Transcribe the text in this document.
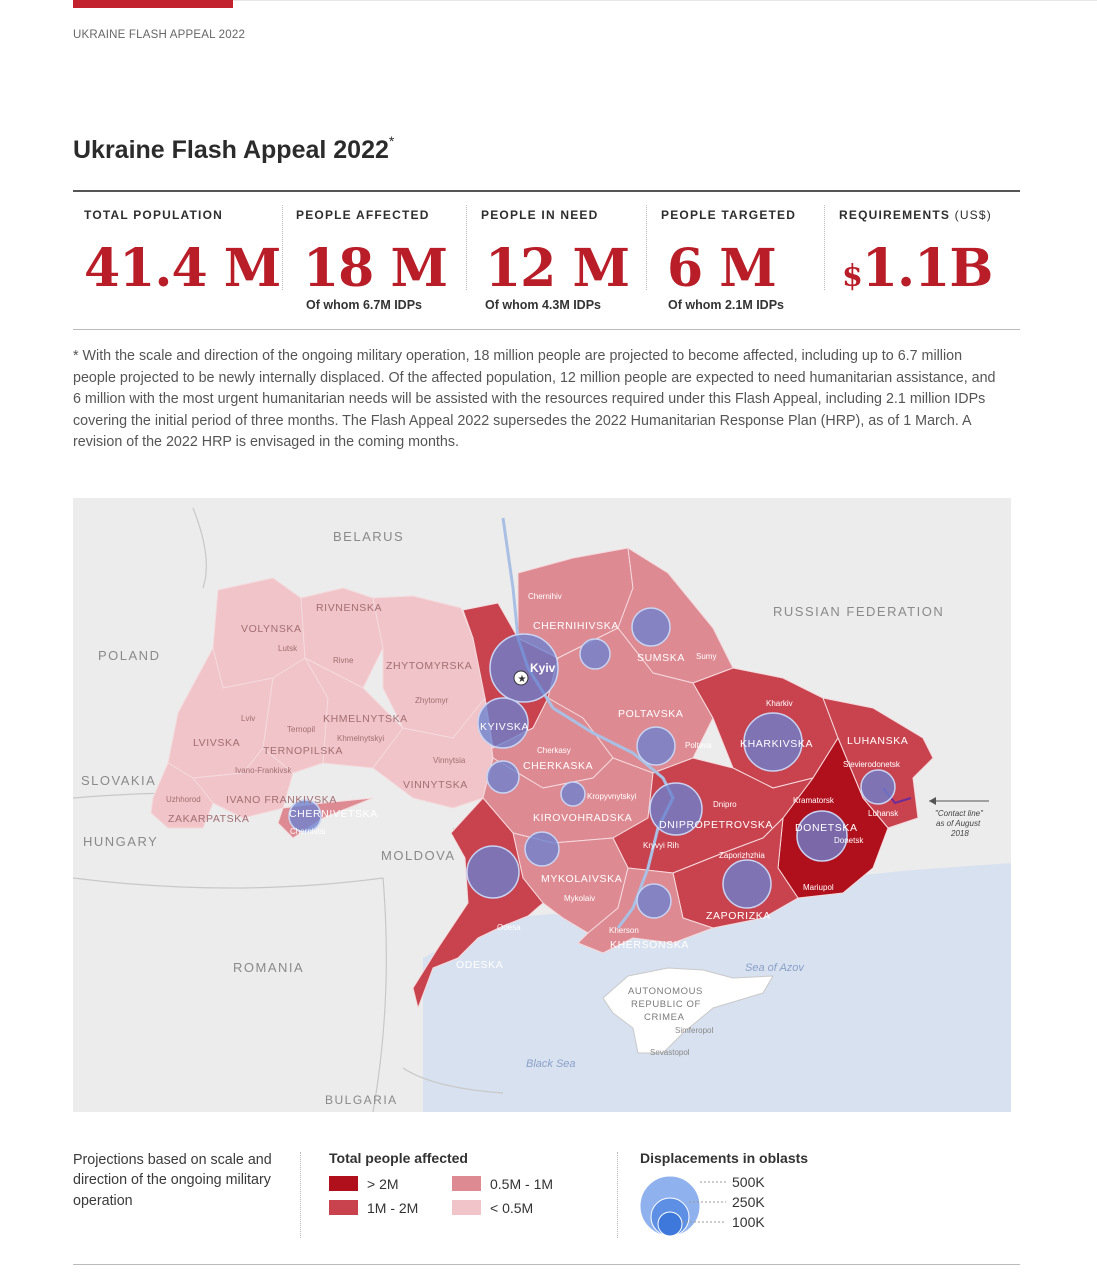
UKRAINE FLASH APPEAL 2022
Ukraine Flash Appeal 2022*
TOTAL POPULATION
41.4 M
PEOPLE AFFECTED
18 M
Of whom 6.7M IDPs
PEOPLE IN NEED
12 M
Of whom 4.3M IDPs
PEOPLE TARGETED
6 M
Of whom 2.1M IDPs
REQUIREMENTS (US$)
$1.1B
* With the scale and direction of the ongoing military operation, 18 million people are projected to become affected, including up to 6.7 million people projected to be newly internally displaced. Of the affected population, 12 million people are expected to need humanitarian assistance, and 6 million with the most urgent humanitarian needs will be assisted with the resources required under this Flash Appeal, including 2.1 million IDPs covering the initial period of three months. The Flash Appeal 2022 supersedes the 2022 Humanitarian Response Plan (HRP), as of 1 March. A revision of the 2022 HRP is envisaged in the coming months.
★
Kyiv
BELARUS
POLAND
SLOVAKIA
HUNGARY
ROMANIA
MOLDOVA
BULGARIA
RUSSIAN FEDERATION
Black Sea
Sea of Azov
VOLYNSKA
RIVNENSKA
ZHYTOMYRSKA
KYIVSKA
CHERNIHIVSKA
SUMSKA
KHARKIVSKA	LUHANSKA
DONETSKA
POLTAVSKA
CHERKASKA
KHMELNYTSKA
LVIVSKA
TERNOPILSKA
IVANO FRANKIVSKA
ZAKARPATSKA	CHERNIVETSKA
VINNYTSKA
KIROVOHRADSKA
DNIPROPETROVSKA
ZAPORIZKA
MYKOLAIVSKA
ODESKA
KHERSONSKA
AUTONOMOUS REPUBLIC OF CRIMEA
Chernihiv
Sumy
Kharkiv
Lutsk
Rivne
Zhytomyr
Lviv
Ternopil
Khmelnytskyi
Vinnytsia
Ivano-Frankivsk
Uzhhorod
Chernivtsi
Cherkasy
Poltava
Kropyvnytskyi
Dnipro
Kryvyi Rih
Zaporizhzhia
Mykolaiv
Odesa	Kherson
Simferopol
Sevastopol
Kramatorsk
Sievierodonetsk
Luhansk
Donetsk
Mariupol
"Contact line" as of August 2018
Projections based on scale and direction of the ongoing military operation
Total people affected
> 2M
1M - 2M
0.5M - 1M
< 0.5M
Displacements in oblasts
500K
250K
100K
